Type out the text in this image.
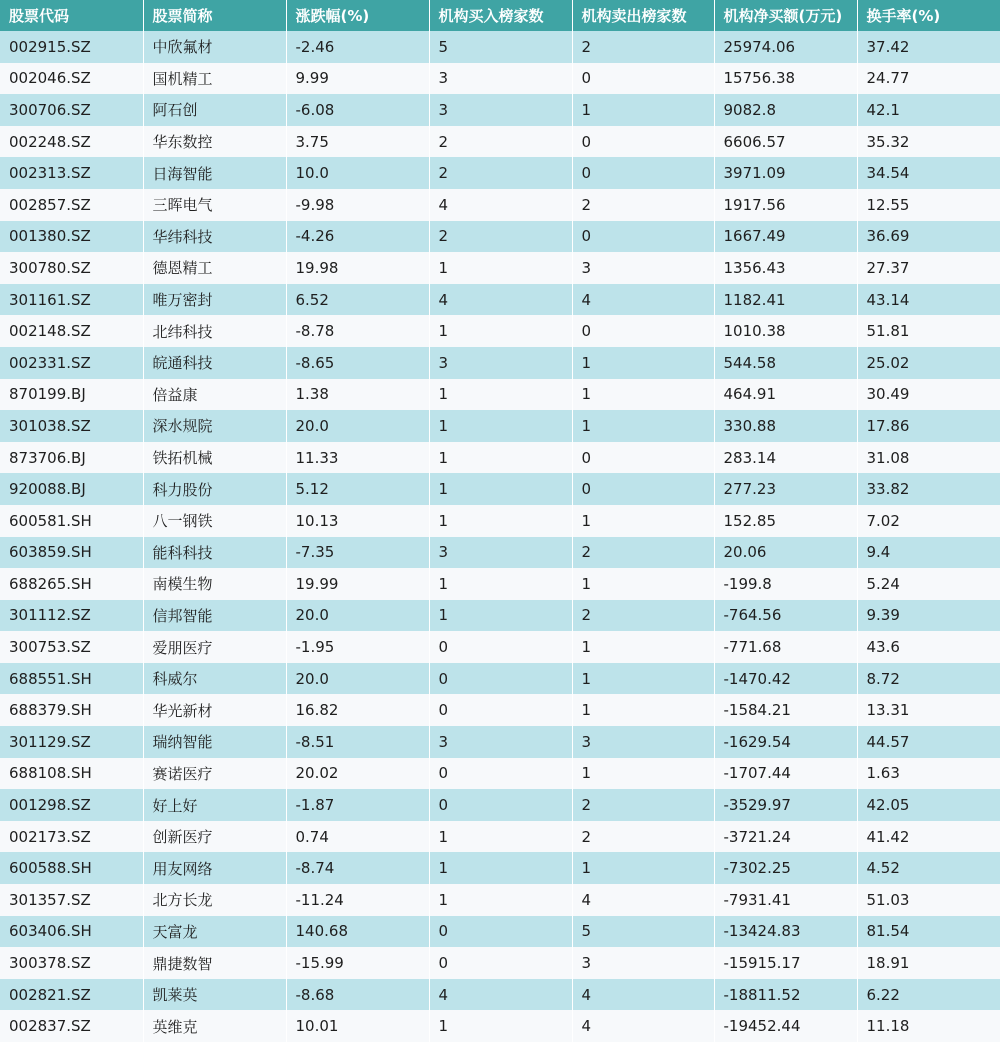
股票代码	股票简称	涨跌幅(%)	机构买入榜家数	机构卖出榜家数	机构净买额(万元)	换手率(%)
002915.SZ	中欣氟材	-2.46	5	2	25974.06	37.42
002046.SZ	国机精工	9.99	3	0	15756.38	24.77
300706.SZ	阿石创	-6.08	3	1	9082.8	42.1
002248.SZ	华东数控	3.75	2	0	6606.57	35.32
002313.SZ	日海智能	10.0	2	0	3971.09	34.54
002857.SZ	三晖电气	-9.98	4	2	1917.56	12.55
001380.SZ	华纬科技	-4.26	2	0	1667.49	36.69
300780.SZ	德恩精工	19.98	1	3	1356.43	27.37
301161.SZ	唯万密封	6.52	4	4	1182.41	43.14
002148.SZ	北纬科技	-8.78	1	0	1010.38	51.81
002331.SZ	皖通科技	-8.65	3	1	544.58	25.02
870199.BJ	倍益康	1.38	1	1	464.91	30.49
301038.SZ	深水规院	20.0	1	1	330.88	17.86
873706.BJ	铁拓机械	11.33	1	0	283.14	31.08
920088.BJ	科力股份	5.12	1	0	277.23	33.82
600581.SH	八一钢铁	10.13	1	1	152.85	7.02
603859.SH	能科科技	-7.35	3	2	20.06	9.4
688265.SH	南模生物	19.99	1	1	-199.8	5.24
301112.SZ	信邦智能	20.0	1	2	-764.56	9.39
300753.SZ	爱朋医疗	-1.95	0	1	-771.68	43.6
688551.SH	科威尔	20.0	0	1	-1470.42	8.72
688379.SH	华光新材	16.82	0	1	-1584.21	13.31
301129.SZ	瑞纳智能	-8.51	3	3	-1629.54	44.57
688108.SH	赛诺医疗	20.02	0	1	-1707.44	1.63
001298.SZ	好上好	-1.87	0	2	-3529.97	42.05
002173.SZ	创新医疗	0.74	1	2	-3721.24	41.42
600588.SH	用友网络	-8.74	1	1	-7302.25	4.52
301357.SZ	北方长龙	-11.24	1	4	-7931.41	51.03
603406.SH	天富龙	140.68	0	5	-13424.83	81.54
300378.SZ	鼎捷数智	-15.99	0	3	-15915.17	18.91
002821.SZ	凯莱英	-8.68	4	4	-18811.52	6.22
002837.SZ	英维克	10.01	1	4	-19452.44	11.18
